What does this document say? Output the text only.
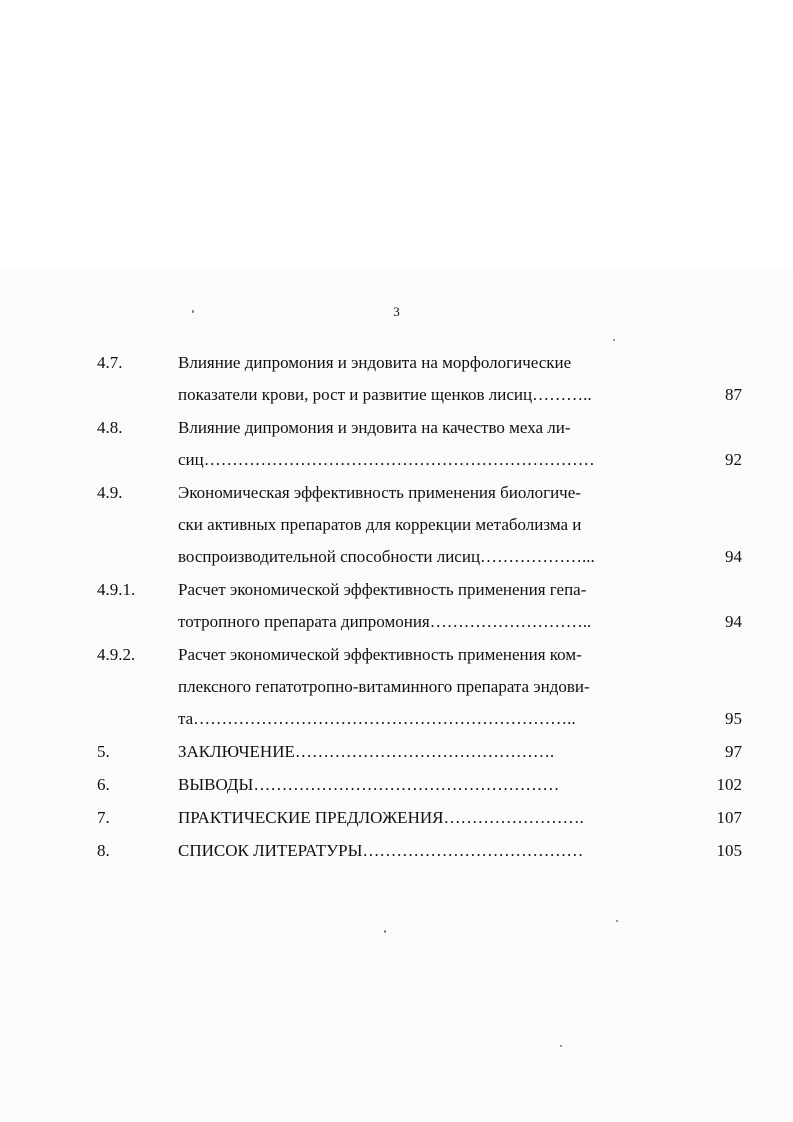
3
4.7.	Влияние дипромония и эндовита на морфологические
показатели крови, рост и развитие щенков лисиц………..	87
4.8.	Влияние дипромония и эндовита на качество меха ли-
сиц……………………………………………………………	92
4.9.	Экономическая эффективность применения биологиче-
ски активных препаратов для коррекции метаболизма и
воспроизводительной способности лисиц………………...	94
4.9.1.	Расчет экономической эффективность применения гепа-
тотропного препарата дипромония………………………..	94
4.9.2.	Расчет экономической эффективность применения ком-
плексного гепатотропно-витаминного препарата эндови-
та…………………………………………………………..	95
5.	ЗАКЛЮЧЕНИЕ……………………………………….	97
6.	ВЫВОДЫ………………………………………………	102
7.	ПРАКТИЧЕСКИЕ ПРЕДЛОЖЕНИЯ…………………….	107
8.	СПИСОК ЛИТЕРАТУРЫ…………………………………	105
